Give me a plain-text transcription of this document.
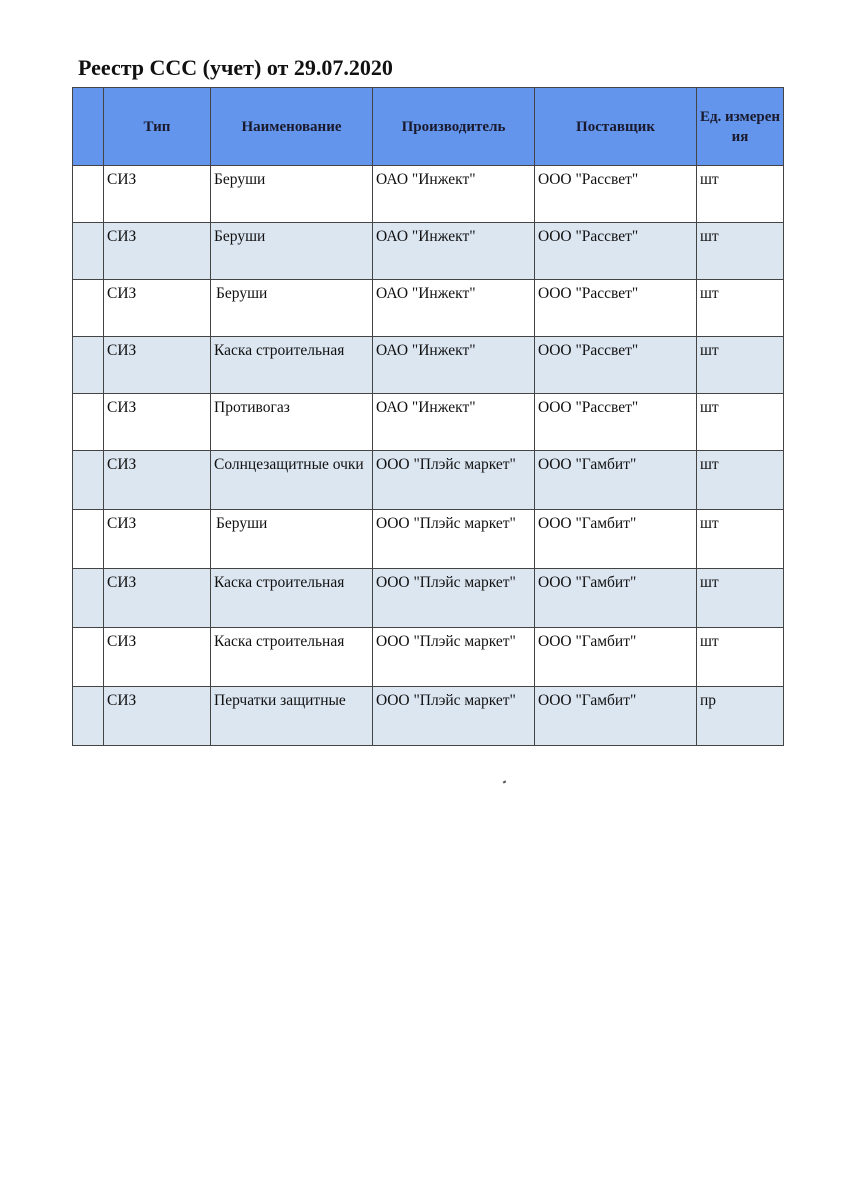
Реестр ССС (учет) от 29.07.2020
	Тип	Наименование	Производитель	Поставщик	Ед. измерения
	СИЗ	Беруши	ОАО "Инжект"	ООО "Рассвет"	шт
	СИЗ	Беруши	ОАО "Инжект"	ООО "Рассвет"	шт
	СИЗ	Беруши	ОАО "Инжект"	ООО "Рассвет"	шт
	СИЗ	Каска строительная	ОАО "Инжект"	ООО "Рассвет"	шт
	СИЗ	Противогаз	ОАО "Инжект"	ООО "Рассвет"	шт
	СИЗ	Солнцезащитные очки	ООО "Плэйс маркет"	ООО "Гамбит"	шт
	СИЗ	Беруши	ООО "Плэйс маркет"	ООО "Гамбит"	шт
	СИЗ	Каска строительная	ООО "Плэйс маркет"	ООО "Гамбит"	шт
	СИЗ	Каска строительная	ООО "Плэйс маркет"	ООО "Гамбит"	шт
	СИЗ	Перчатки защитные	ООО "Плэйс маркет"	ООО "Гамбит"	пр
